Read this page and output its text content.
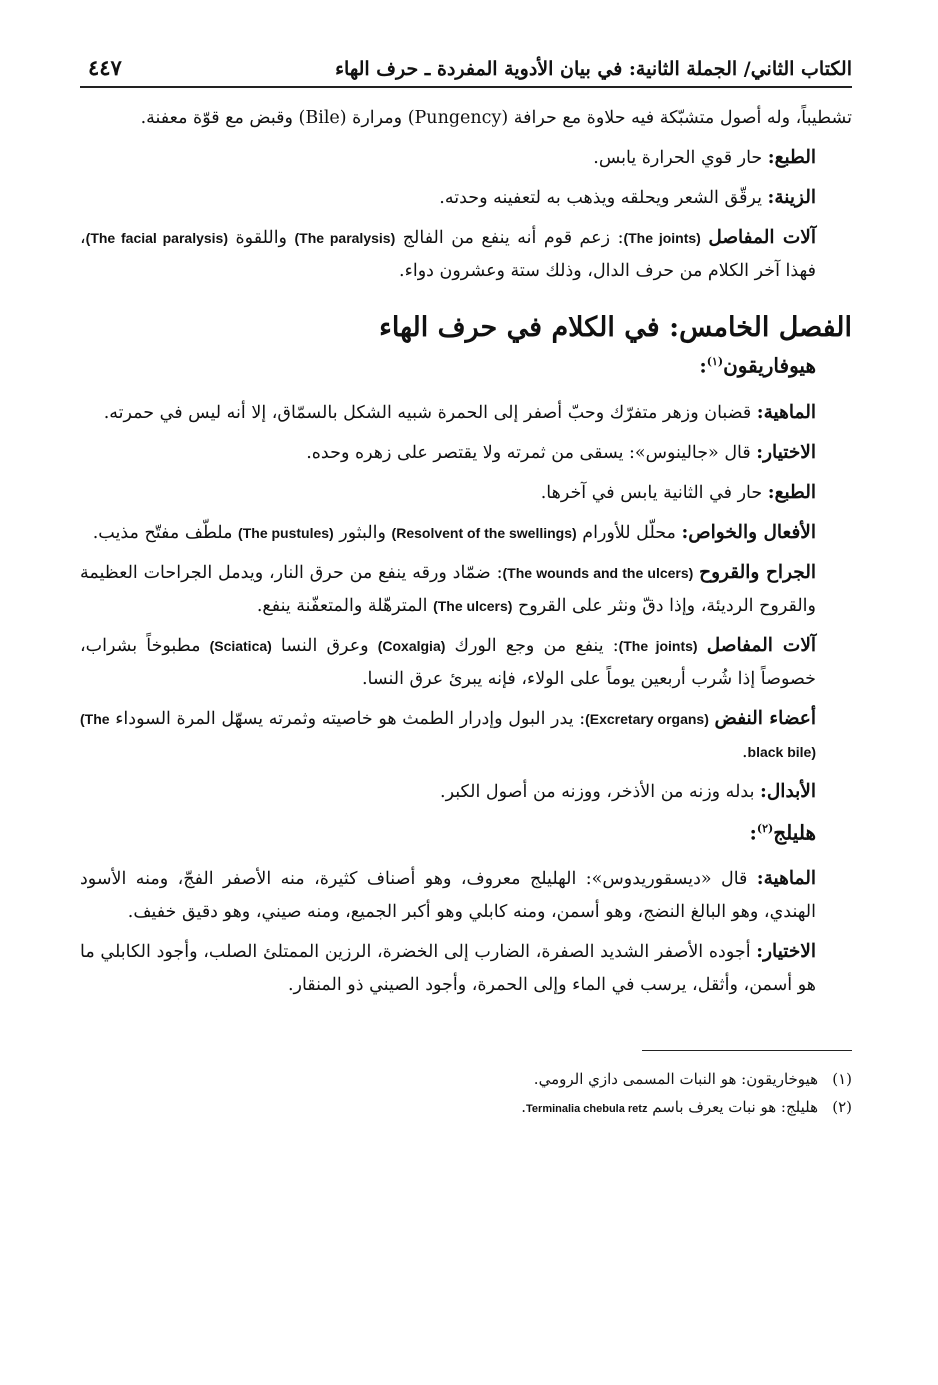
الكتاب الثاني/ الجملة الثانية: في بيان الأدوية المفردة ـ حرف الهاء
٤٤٧

تشطيباً، وله أصول متشبّكة فيه حلاوة مع حرافة (Pungency) ومرارة (Bile) وقبض مع قوّة معفنة.

الطبع: حار قوي الحرارة يابس.

الزينة: يرقّق الشعر ويحلقه ويذهب به لتعفينه وحدته.

آلات المفاصل (The joints): زعم قوم أنه ينفع من الفالج (The paralysis) واللقوة (The facial paralysis)، فهذا آخر الكلام من حرف الدال، وذلك ستة وعشرون دواء.

الفصل الخامس: في الكلام في حرف الهاء

هيوفاريقون$^{(١)}$:

الماهية: قضبان وزهر متفرّك وحبّ أصفر إلى الحمرة شبيه الشكل بالسمّاق، إلا أنه ليس في حمرته.

الاختيار: قال «جالينوس»: يسقى من ثمرته ولا يقتصر على زهره وحده.

الطبع: حار في الثانية يابس في آخرها.

الأفعال والخواص: محلّل للأورام (Resolvent of the swellings) والبثور (The pustules) ملطّف مفتّح مذيب.

الجراح والقروح (The wounds and the ulcers): ضمّاد ورقه ينفع من حرق النار، ويدمل الجراحات العظيمة والقروح الرديئة، وإذا دقّ ونثر على القروح (The ulcers) المترهّلة والمتعفّنة ينفع.

آلات المفاصل (The joints): ينفع من وجع الورك (Coxalgia) وعرق النسا (Sciatica) مطبوخاً بشراب، خصوصاً إذا شُرب أربعين يوماً على الولاء، فإنه يبرئ عرق النسا.

أعضاء النفض (Excretary organs): يدر البول وإدرار الطمث هو خاصيته وثمرته يسهّل المرة السوداء (The black bile).

الأبدال: بدله وزنه من الأذخر، ووزنه من أصول الكبر.

هليلج$^{(٢)}$:

الماهية: قال «ديسقوريدوس»: الهليلج معروف، وهو أصناف كثيرة، منه الأصفر الفجّ، ومنه الأسود الهندي، وهو البالغ النضج، وهو أسمن، ومنه كابلي وهو أكبر الجميع، ومنه صيني، وهو دقيق خفيف.

الاختيار: أجوده الأصفر الشديد الصفرة، الضارب إلى الخضرة، الرزين الممتلئ الصلب، وأجود الكابلي ما هو أسمن، وأثقل، يرسب في الماء وإلى الحمرة، وأجود الصيني ذو المنقار.

(١)هيوخاريقون: هو النبات المسمى دازي الرومي.

(٢)هليلج: هو نبات يعرف باسم Terminalia chebula retz.
